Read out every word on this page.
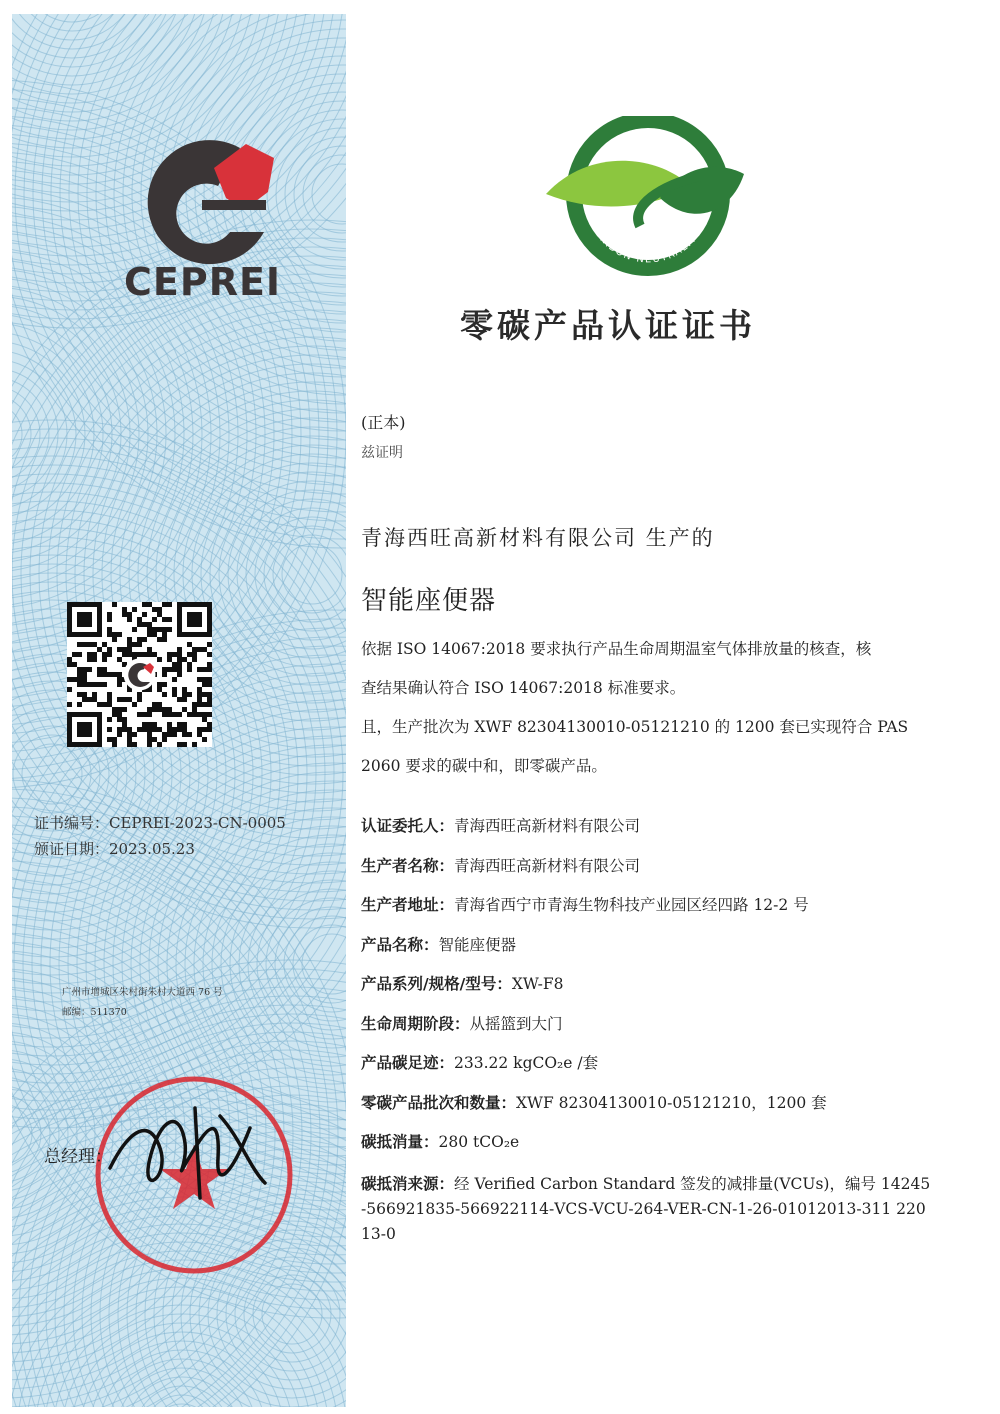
CEPREI
证书编号：CEPREI-2023-CN-0005
颁证日期：2023.05.23
广州市增城区朱村街朱村大道西 76 号
邮编：511370
总经理：
CARBON NEUTRALITY
零碳产品认证证书
(正本)
兹证明
青海西旺高新材料有限公司 生产的
智能座便器
依据 ISO 14067:2018 要求执行产品生命周期温室气体排放量的核查，核
查结果确认符合 ISO 14067:2018 标准要求。
且，生产批次为 XWF 82304130010-05121210 的 1200 套已实现符合 PAS
2060 要求的碳中和，即零碳产品。
认证委托人：青海西旺高新材料有限公司
生产者名称：青海西旺高新材料有限公司
生产者地址：青海省西宁市青海生物科技产业园区经四路 12-2 号
产品名称：智能座便器
产品系列/规格/型号：XW-F8
生命周期阶段：从摇篮到大门
产品碳足迹：233.22 kgCO₂e /套
零碳产品批次和数量：XWF 82304130010-05121210，1200 套
碳抵消量：280 tCO₂e
碳抵消来源：经 Verified Carbon Standard 签发的减排量(VCUs)，编号 14245-566921835-566922114-VCS-VCU-264-VER-CN-1-26-01012013-311 22013-0
